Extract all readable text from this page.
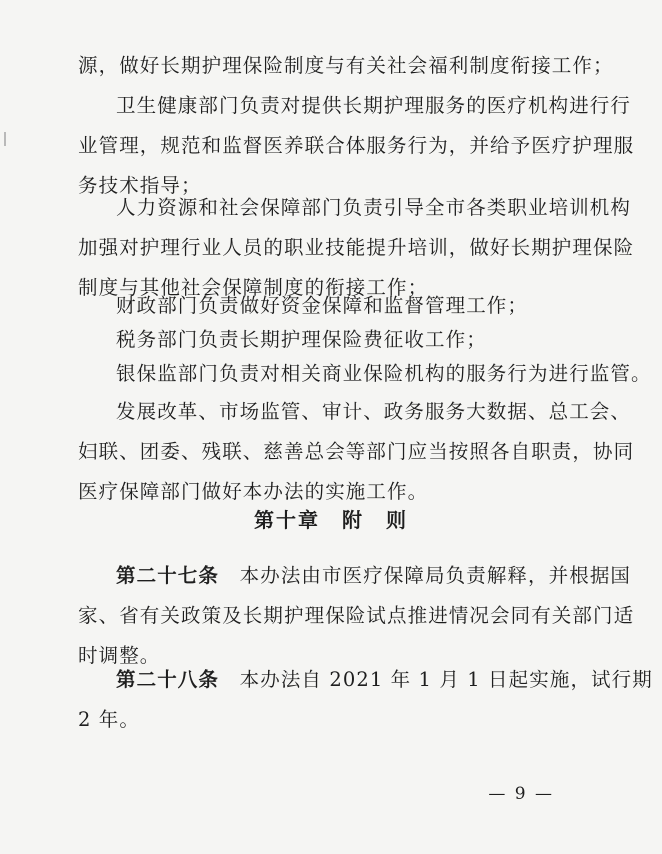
源，做好长期护理保险制度与有关社会福利制度衔接工作；
卫生健康部门负责对提供长期护理服务的医疗机构进行行
业管理，规范和监督医养联合体服务行为，并给予医疗护理服
务技术指导；
人力资源和社会保障部门负责引导全市各类职业培训机构
加强对护理行业人员的职业技能提升培训，做好长期护理保险
制度与其他社会保障制度的衔接工作；
财政部门负责做好资金保障和监督管理工作；
税务部门负责长期护理保险费征收工作；
银保监部门负责对相关商业保险机构的服务行为进行监管。
发展改革、市场监管、审计、政务服务大数据、总工会、
妇联、团委、残联、慈善总会等部门应当按照各自职责，协同
医疗保障部门做好本办法的实施工作。
第十章　附　则
第二十七条　本办法由市医疗保障局负责解释，并根据国
家、省有关政策及长期护理保险试点推进情况会同有关部门适
时调整。
第二十八条　本办法自 2021 年 1 月 1 日起实施，试行期
2 年。
— 9 —
